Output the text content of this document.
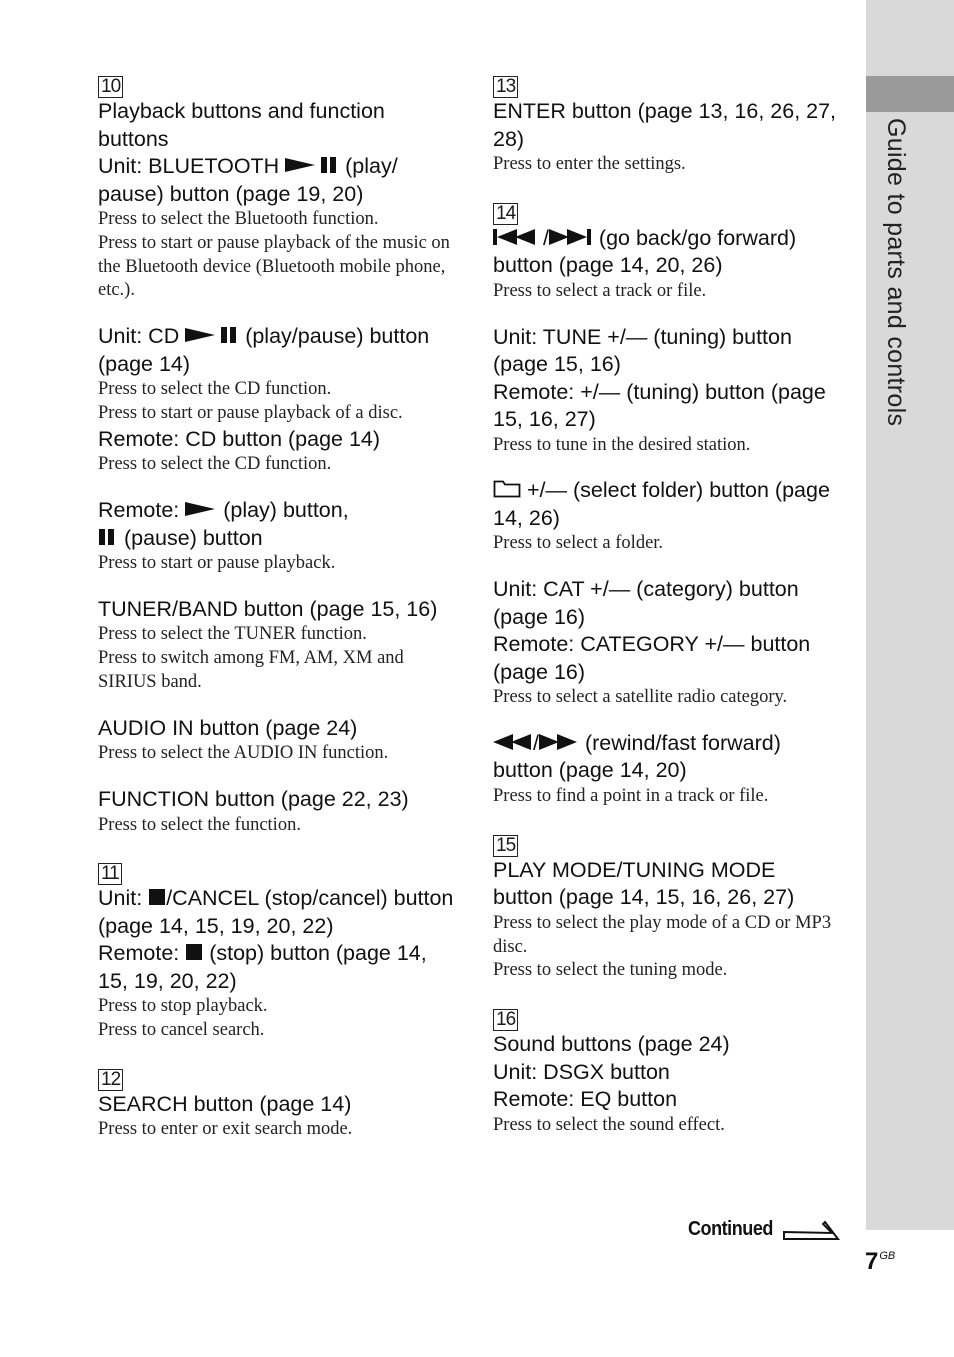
Guide to parts and controls
10

Playback buttons and function buttons

Unit: BLUETOOTH	(play/ pause) button (page 19, 20)

Press to select the Bluetooth function.

Press to start or pause playback of the music on the Bluetooth device (Bluetooth mobile phone, etc.).

Unit: CD	(play/pause) button (page 14)

Press to select the CD function.

Press to start or pause playback of a disc.

Remote: CD button (page 14)

Press to select the CD function.

Remote:  (play) button,
(pause) button

Press to start or pause playback.

TUNER/BAND button (page 15, 16)

Press to select the TUNER function.

Press to switch among FM, AM, XM and SIRIUS band.

AUDIO IN button (page 24)

Press to select the AUDIO IN function.

FUNCTION button (page 22, 23)

Press to select the function.

11

Unit: /CANCEL (stop/cancel) button (page 14, 15, 19, 20, 22)

Remote:  (stop) button (page 14, 15, 19, 20, 22)

Press to stop playback.

Press to cancel search.

12

SEARCH button (page 14)

Press to enter or exit search mode.

13

ENTER button (page 13, 16, 26, 27, 28)

Press to enter the settings.

14

/ (go back/go forward) button (page 14, 20, 26)

Press to select a track or file.

Unit: TUNE +/— (tuning) button (page 15, 16)

Remote: +/— (tuning) button (page 15, 16, 27)

Press to tune in the desired station.

+/— (select folder) button (page 14, 26)

Press to select a folder.

Unit: CAT +/— (category) button (page 16)

Remote: CATEGORY +/— button (page 16)

Press to select a satellite radio category.

/ (rewind/fast forward) button (page 14, 20)

Press to find a point in a track or file.

15

PLAY MODE/TUNING MODE button (page 14, 15, 16, 26, 27)

Press to select the play mode of a CD or MP3 disc.

Press to select the tuning mode.

16

Sound buttons (page 24)

Unit: DSGX button

Remote: EQ button

Press to select the sound effect.

Continued
$7^{GB}$
